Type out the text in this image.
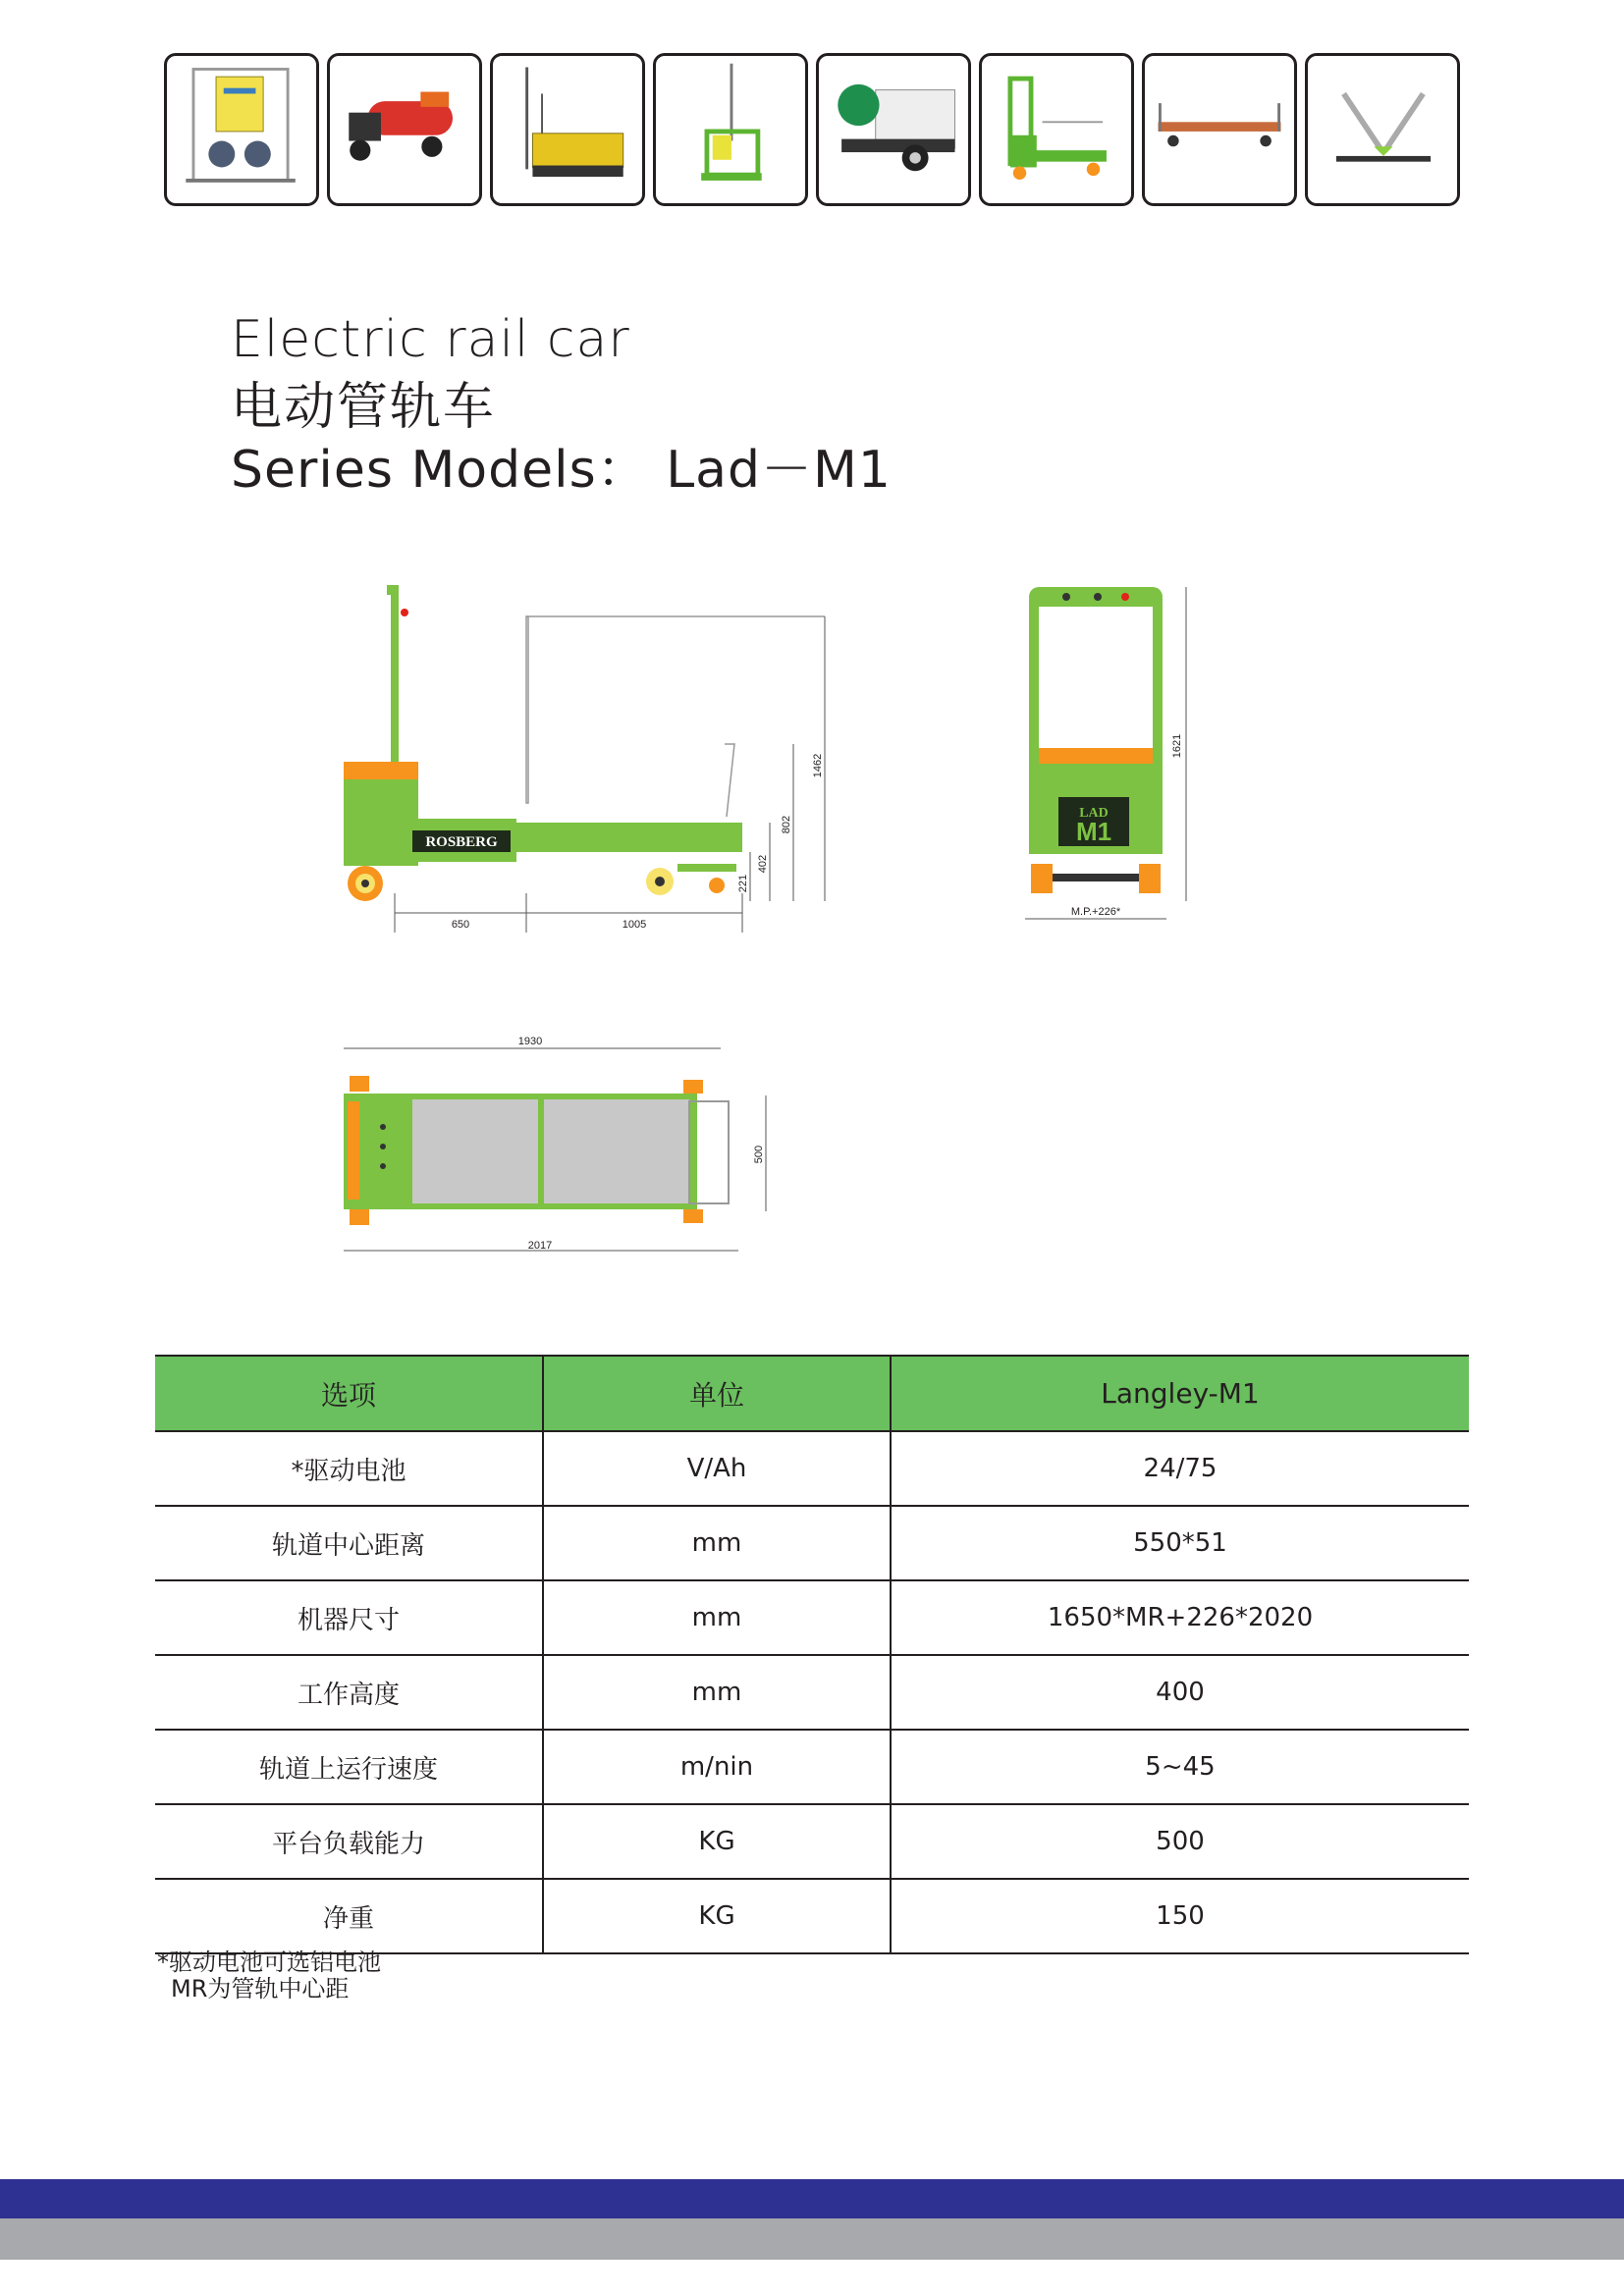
Electric rail car
电动管轨车
Series Models： Lad－M1
ROSBERG
650	1005
221
402
802
1462
LAD
M1
1621
M.P.+226*
1930
2017
500
选项	单位	Langley-M1
*驱动电池	V/Ah	24/75
轨道中心距离	mm	550*51
机器尺寸	mm	1650*MR+226*2020
工作高度	mm	400
轨道上运行速度	m/nin	5~45
平台负载能力	KG	500
净重	KG	150
*驱动电池可选铝电池
MR为管轨中心距
